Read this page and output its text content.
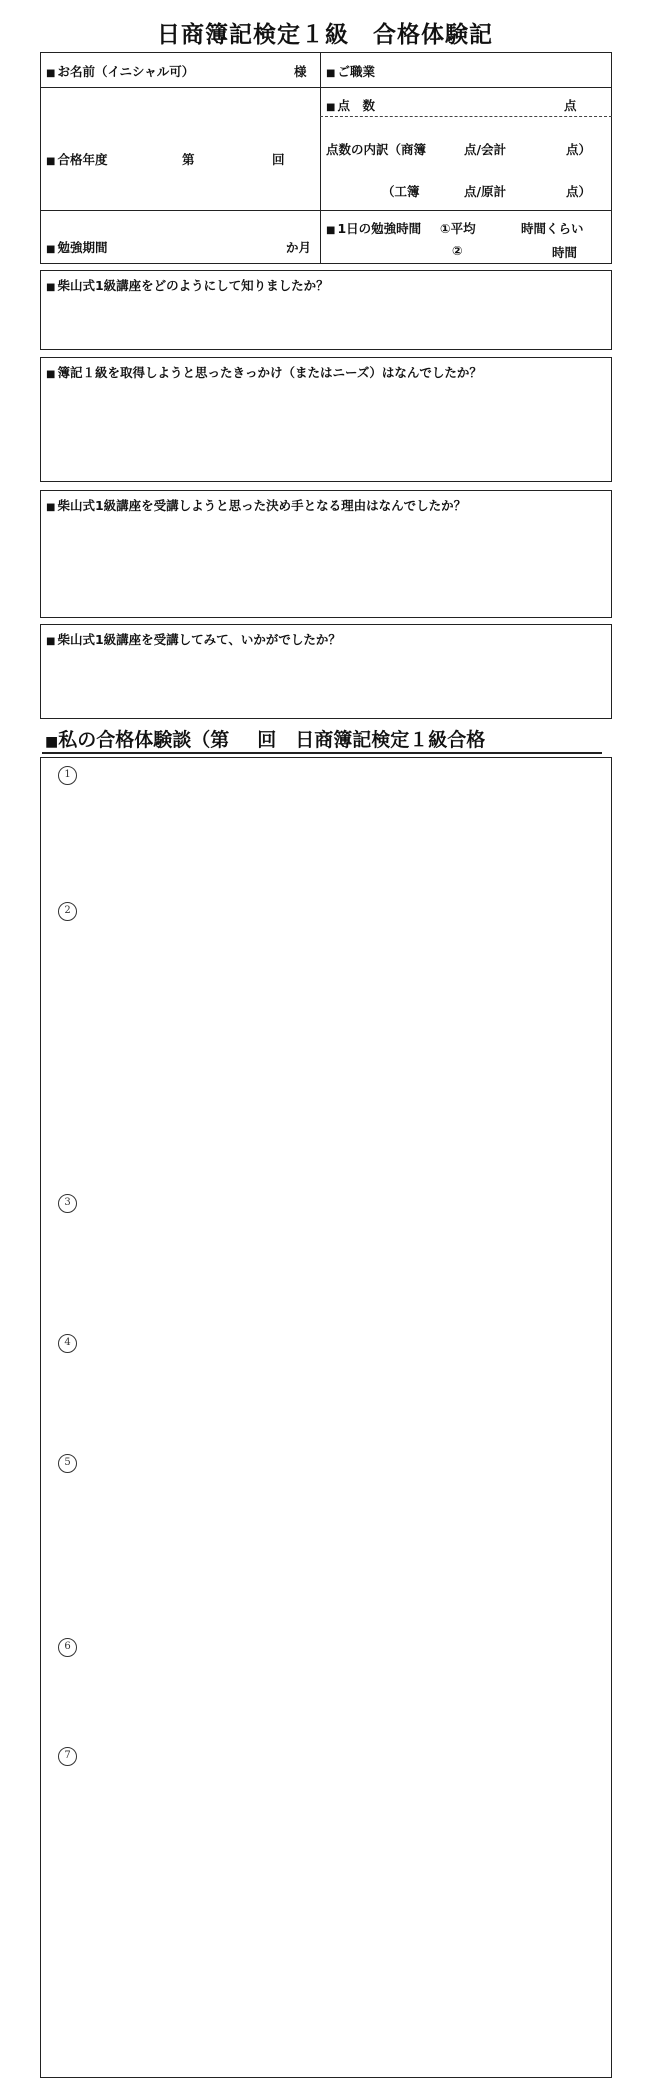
日商簿記検定１級　合格体験記
■ お名前（イニシャル可）	様 ■ ご職業
■ 点　数	点
■ 合格年度	第	回
点数の内訳（商簿	点/会計	点）
（工簿	点/原計	点）
■ 勉強期間	か月
■ 1日の勉強時間 ①平均	時間くらい
②	時間
■ 柴山式1級講座をどのようにして知りましたか？
■ 簿記１級を取得しようと思ったきっかけ（またはニーズ）はなんでしたか？
■ 柴山式1級講座を受講しようと思った決め手となる理由はなんでしたか？
■ 柴山式1級講座を受講してみて、いかがでしたか？
■私の合格体験談（第 回　日商簿記検定１級合格
1
2
3
4
5
6
7
